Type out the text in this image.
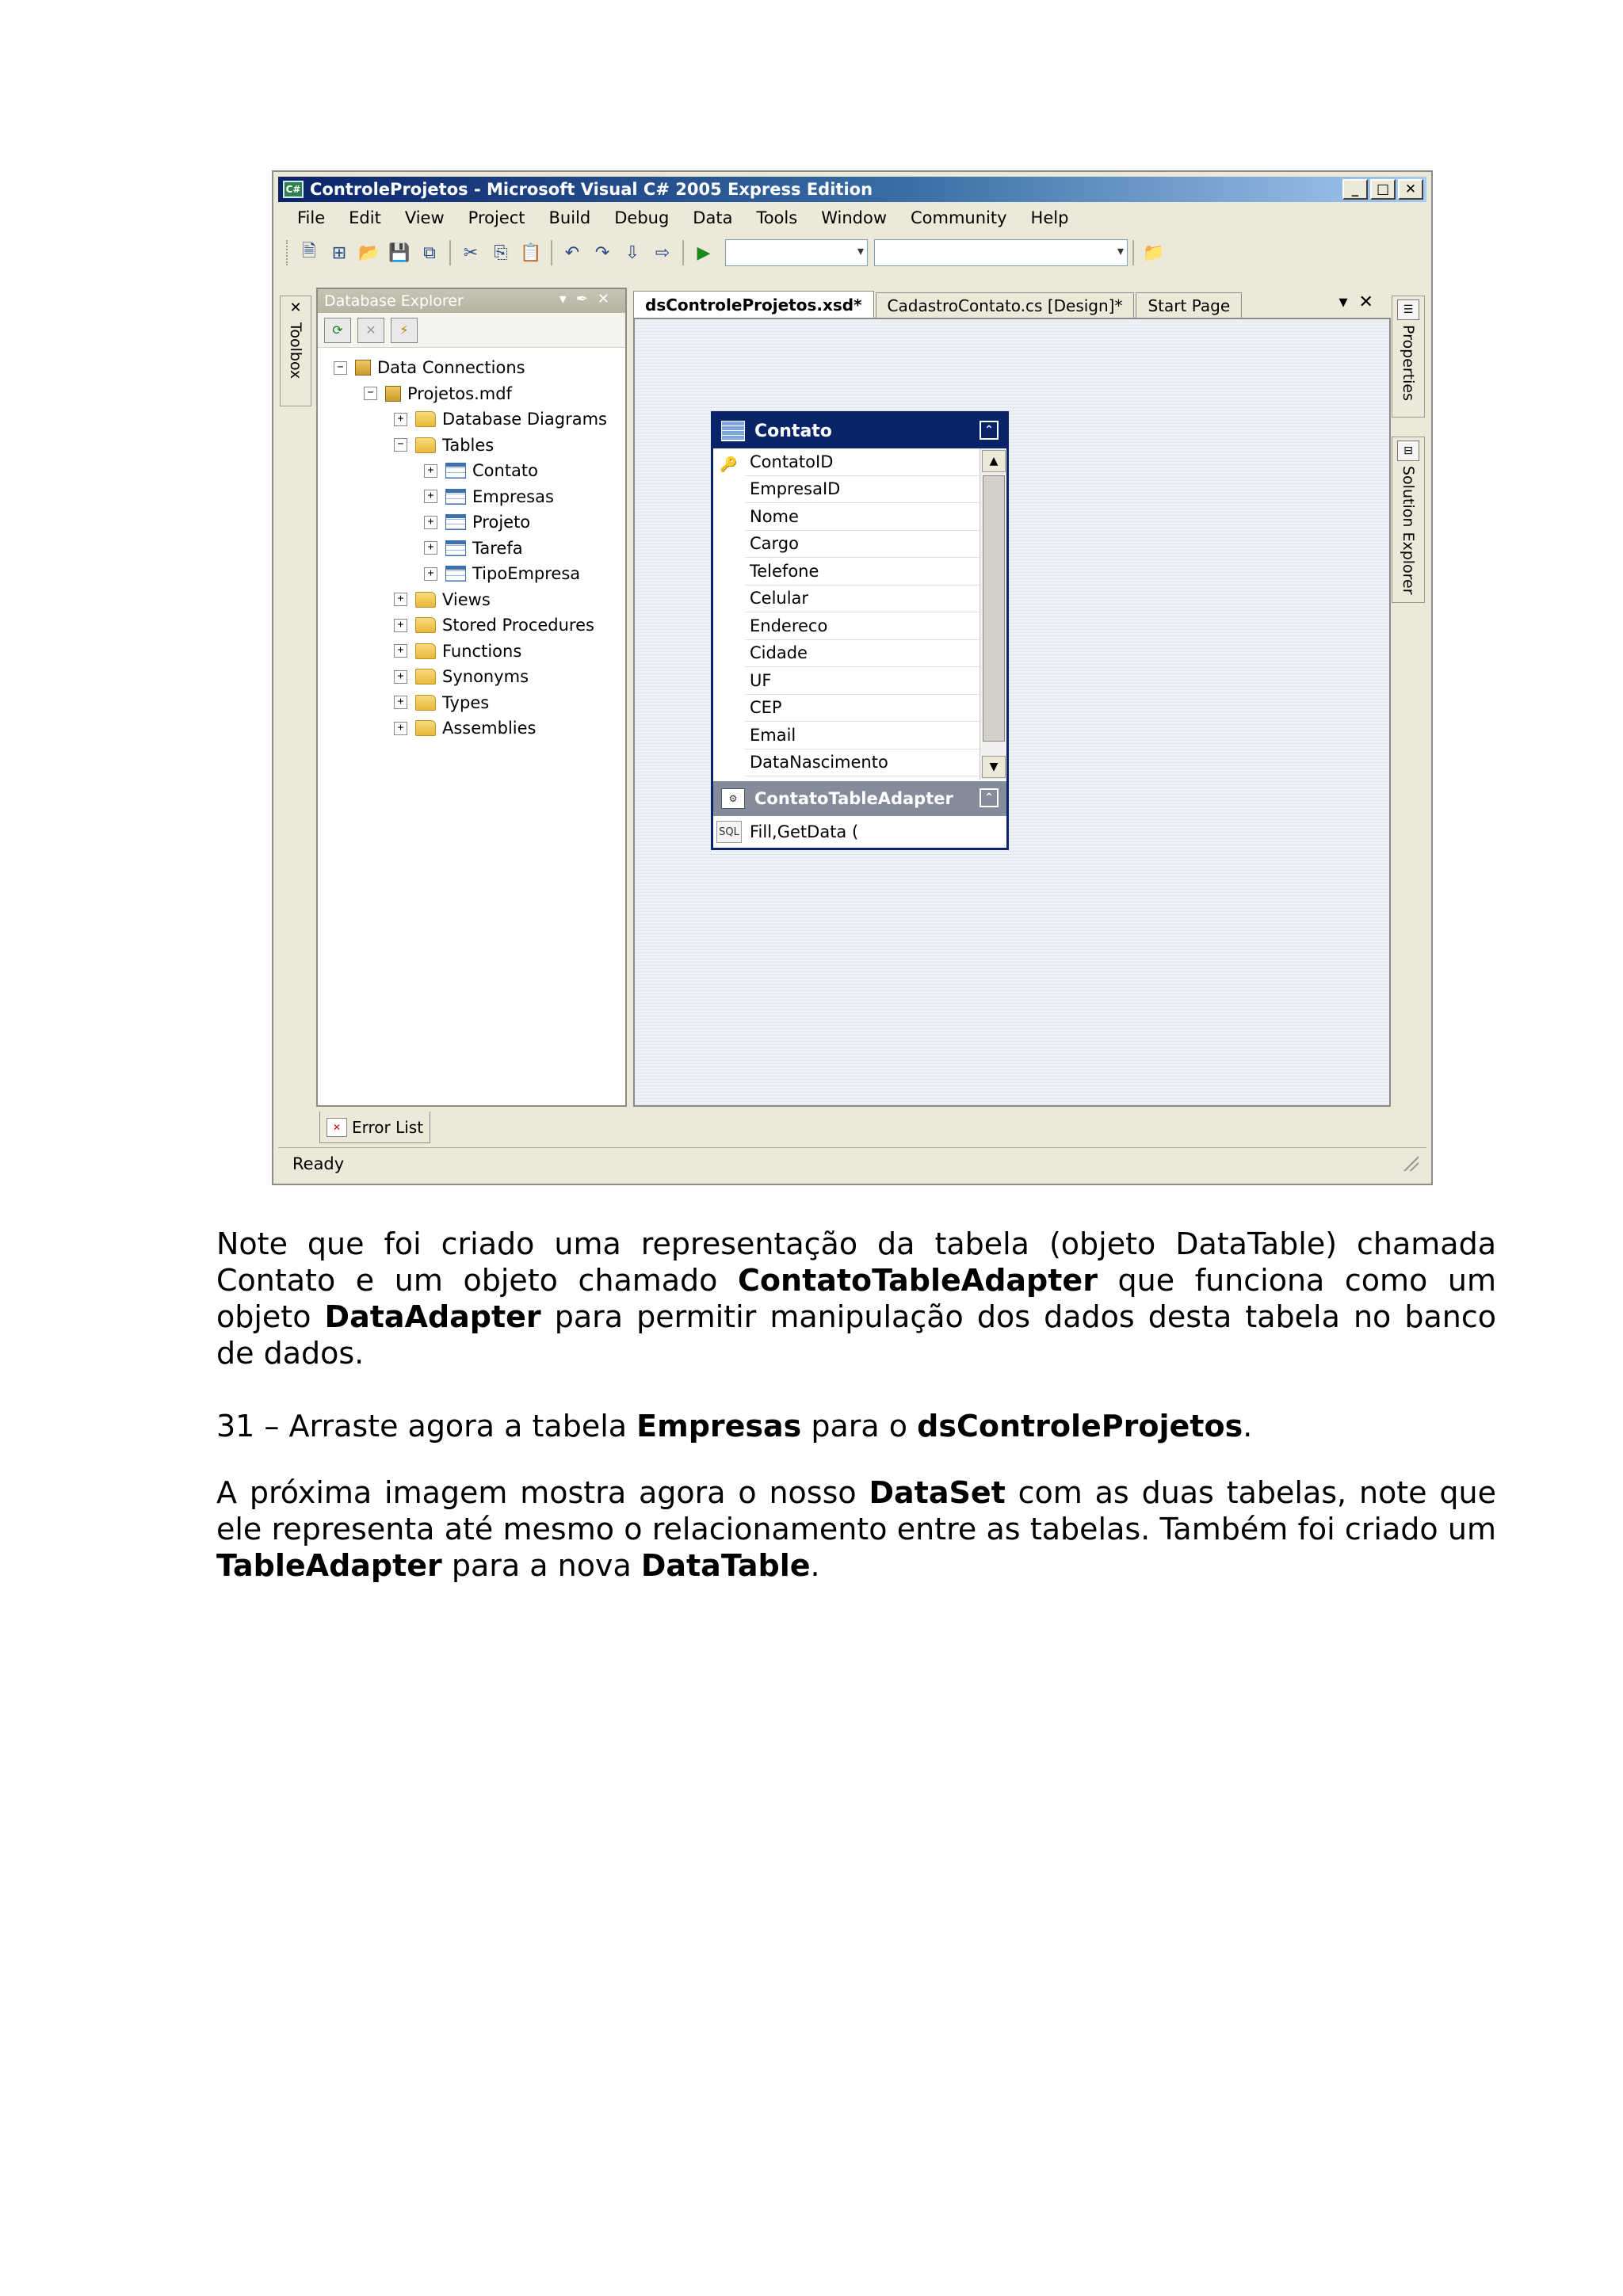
C# ControleProjetos - Microsoft Visual C# 2005 Express Edition	_	□	✕
File Edit View Project Build Debug Data Tools Window Community Help
🗎 ⊞ 📂 💾 ⧉	✂ ⎘ 📋	↶ ↷ ⇩ ⇨	▶ ▾ ▾	📁
✕
Toolbox
☰
Properties
⊟
Solution Explorer
Database Explorer	▾✒✕
⟳	✕	⚡
− Data Connections
− Projetos.mdf
+ Database Diagrams
− Tables
+ Contato
+ Empresas
+ Projeto
+ Tarefa
+ TipoEmpresa
+ Views
+ Stored Procedures
+ Functions
+ Synonyms
+ Types
+ Assemblies
dsControleProjetos.xsd*	CadastroContato.cs [Design]*	Start Page	▾✕
Contato	⌃
🔑 ContatoID
EmpresaID
Nome
Cargo
Telefone
Celular
Endereco
Cidade
UF
CEP
Email
DataNascimento
▲
▼
⚙	ContatoTableAdapter	⌃
SQL Fill,GetData (
✕ Error List
Ready
Note que foi criado uma representação da tabela (objeto DataTable) chamada Contato e um objeto chamado ContatoTableAdapter que funciona como um objeto DataAdapter para permitir manipulação dos dados desta tabela no banco de dados.
31 – Arraste agora a tabela Empresas para o dsControleProjetos.
A próxima imagem mostra agora o nosso DataSet com as duas tabelas, note que ele representa até mesmo o relacionamento entre as tabelas. Também foi criado um TableAdapter para a nova DataTable.
